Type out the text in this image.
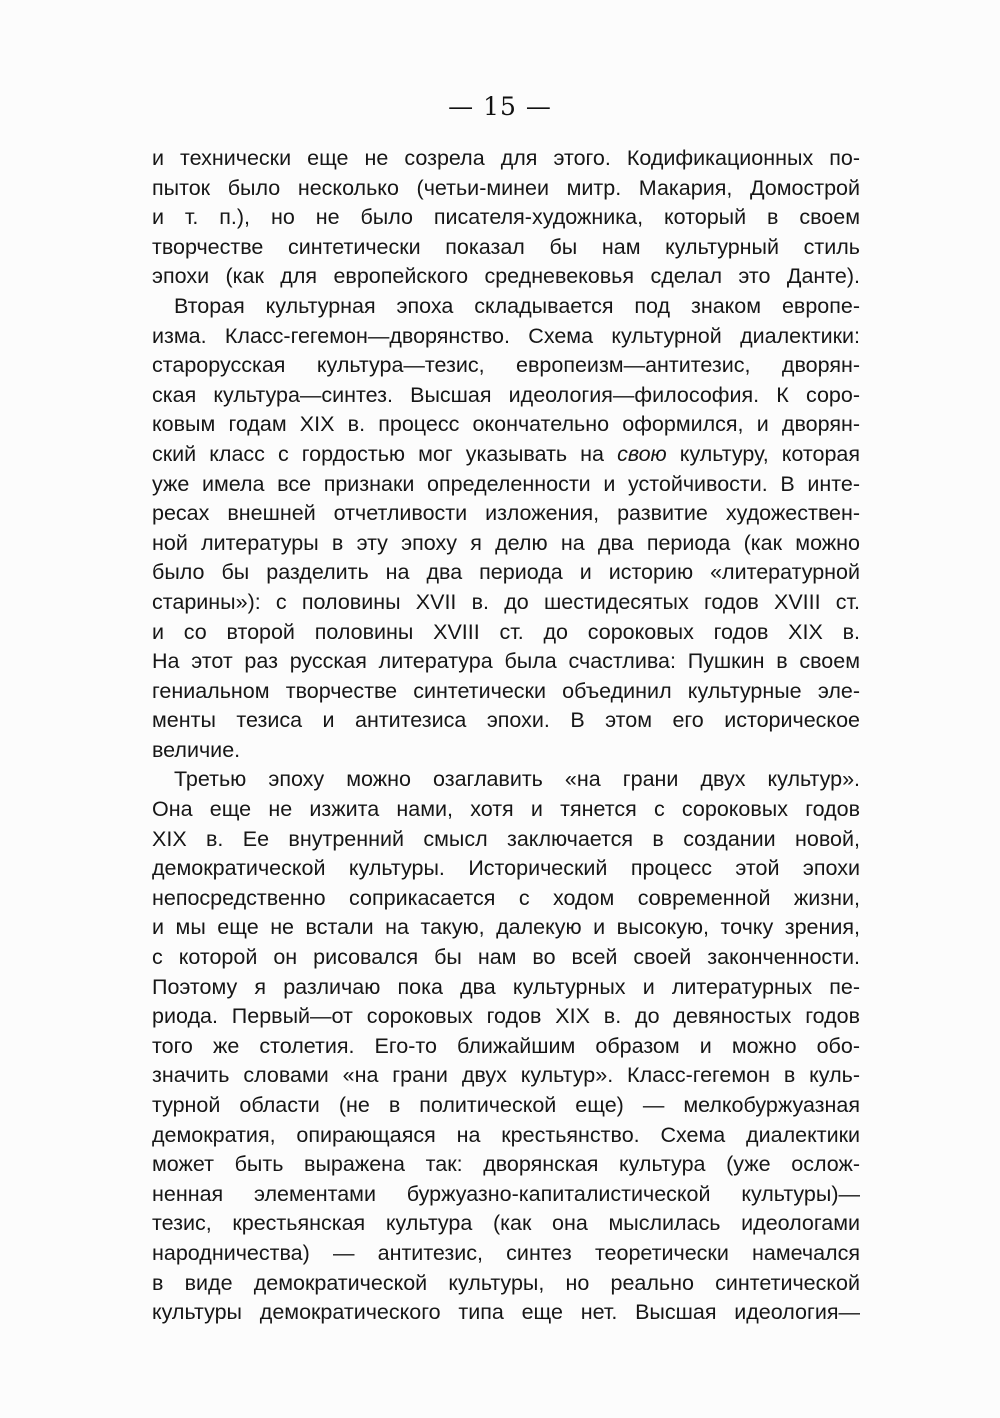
— 15 —
и технически еще не созрела для этого. Кодификационных по-
пыток было несколько (четьи-минеи митр. Макария, Домострой
и т. п.), но не было писателя-художника, который в своем
творчестве синтетически показал бы нам культурный стиль
эпохи (как для европейского средневековья сделал это Данте).
Вторая культурная эпоха складывается под знаком европе-
изма. Класс-гегемон—дворянство. Схема культурной диалектики:
старорусская культура—тезис, европеизм—антитезис, дворян-
ская культура—синтез. Высшая идеология—философия. К соро-
ковым годам XIX в. процесс окончательно оформился, и дворян-
ский класс с гордостью мог указывать на свою культуру, которая
уже имела все признаки определенности и устойчивости. В инте-
ресах внешней отчетливости изложения, развитие художествен-
ной литературы в эту эпоху я делю на два периода (как можно
было бы разделить на два периода и историю «литературной
старины»): с половины XVII в. до шестидесятых годов XVIII ст.
и со второй половины XVIII ст. до сороковых годов XIX в.
На этот раз русская литература была счастлива: Пушкин в своем
гениальном творчестве синтетически объединил культурные эле-
менты тезиса и антитезиса эпохи. В этом его историческое
величие.
Третью эпоху можно озаглавить «на грани двух культур».
Она еще не изжита нами, хотя и тянется с сороковых годов
XIX в. Ее внутренний смысл заключается в создании новой,
демократической культуры. Исторический процесс этой эпохи
непосредственно соприкасается с ходом современной жизни,
и мы еще не встали на такую, далекую и высокую, точку зрения,
с которой он рисовался бы нам во всей своей законченности.
Поэтому я различаю пока два культурных и литературных пе-
риода. Первый—от сороковых годов XIX в. до девяностых годов
того же столетия. Его-то ближайшим образом и можно обо-
значить словами «на грани двух культур». Класс-гегемон в куль-
турной области (не в политической еще) — мелкобуржуазная
демократия, опирающаяся на крестьянство. Схема диалектики
может быть выражена так: дворянская культура (уже ослож-
ненная элементами буржуазно-капиталистической культуры)—
тезис, крестьянская культура (как она мыслилась идеологами
народничества) — антитезис, синтез теоретически намечался
в виде демократической культуры, но реально синтетической
культуры демократического типа еще нет. Высшая идеология—
